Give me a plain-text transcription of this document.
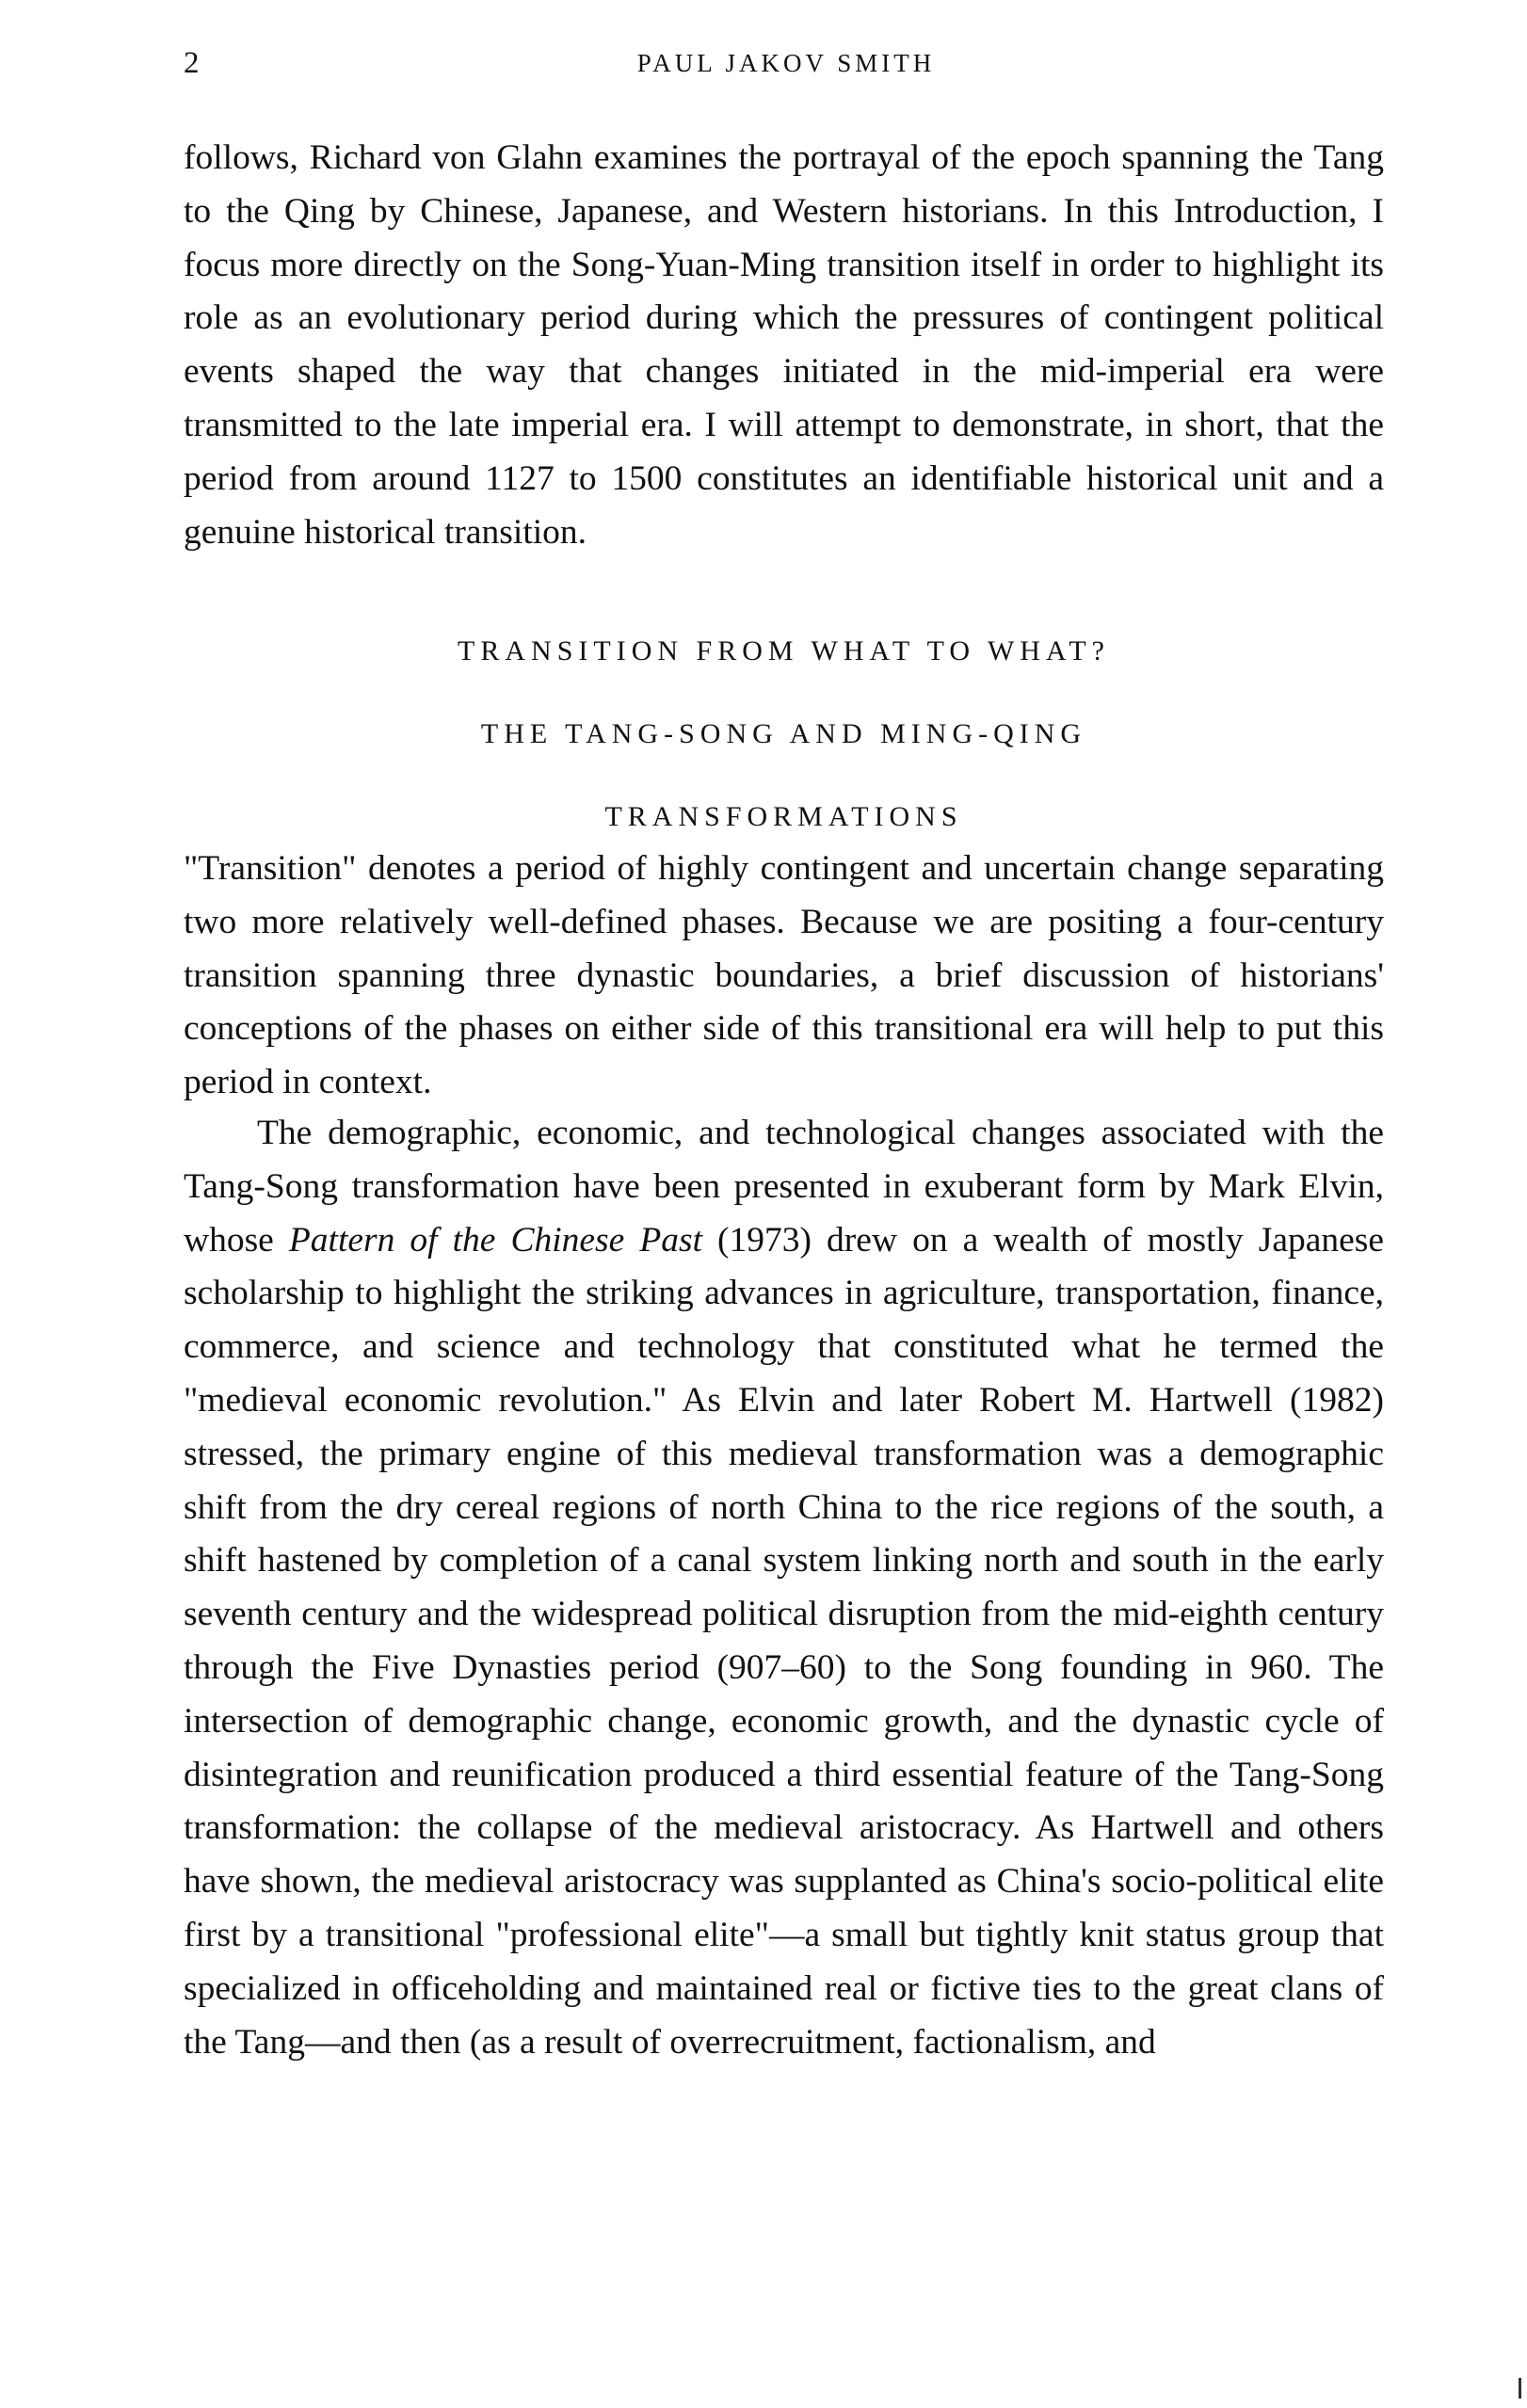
2	PAUL JAKOV SMITH

follows, Richard von Glahn examines the portrayal of the epoch spanning the Tang to the Qing by Chinese, Japanese, and Western historians. In this Introduction, I focus more directly on the Song-Yuan-Ming transition itself in order to highlight its role as an evolutionary period during which the pressures of contingent political events shaped the way that changes initiated in the mid-imperial era were transmitted to the late imperial era. I will attempt to demonstrate, in short, that the period from around 1127 to 1500 constitutes an identifiable historical unit and a genuine historical transition.

TRANSITION FROM WHAT TO WHAT?
THE TANG-SONG AND MING-QING
TRANSFORMATIONS

"Transition" denotes a period of highly contingent and uncertain change separating two more relatively well-defined phases. Because we are positing a four-century transition spanning three dynastic boundaries, a brief discussion of historians' conceptions of the phases on either side of this transitional era will help to put this period in context.

The demographic, economic, and technological changes associated with the Tang-Song transformation have been presented in exuberant form by Mark Elvin, whose Pattern of the Chinese Past (1973) drew on a wealth of mostly Japanese scholarship to highlight the striking advances in agriculture, transportation, finance, commerce, and science and technology that constituted what he termed the "medieval economic revolution." As Elvin and later Robert M. Hartwell (1982) stressed, the primary engine of this medieval transformation was a demographic shift from the dry cereal regions of north China to the rice regions of the south, a shift hastened by completion of a canal system linking north and south in the early seventh century and the widespread political disruption from the mid-eighth century through the Five Dynasties period (907–60) to the Song founding in 960. The intersection of demographic change, economic growth, and the dynastic cycle of disintegration and reunification produced a third essential feature of the Tang-Song transformation: the collapse of the medieval aristocracy. As Hartwell and others have shown, the medieval aristocracy was supplanted as China's socio-political elite first by a transitional "professional elite"—a small but tightly knit status group that specialized in officeholding and maintained real or fictive ties to the great clans of the Tang—and then (as a result of overrecruitment, factionalism, and
